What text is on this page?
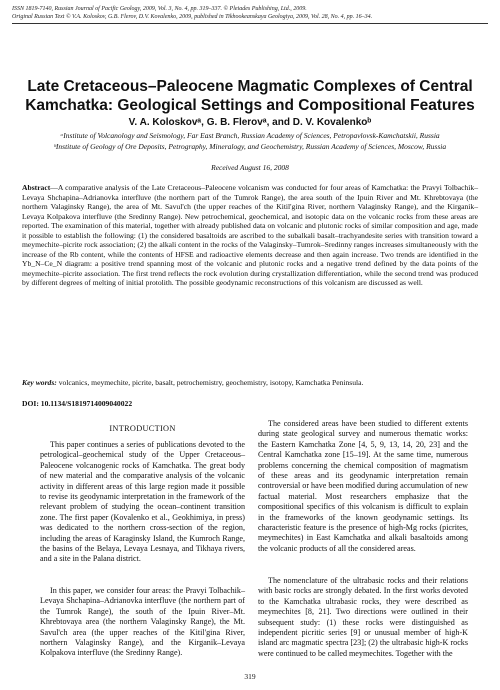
ISSN 1819-7140, Russian Journal of Pacific Geology, 2009, Vol. 3, No. 4, pp. 319–337. © Pleiades Publishing, Ltd., 2009.
Original Russian Text © V.A. Koloskov, G.B. Flerov, D.V. Kovalenko, 2009, published in Tikhookeanskaya Geologiya, 2009, Vol. 28, No. 4, pp. 16–34.
Late Cretaceous–Paleocene Magmatic Complexes of Central Kamchatka: Geological Settings and Compositional Features
V. A. Koloskovᵃ, G. B. Flerovᵃ, and D. V. Kovalenkoᵇ
ᵃInstitute of Volcanology and Seismology, Far East Branch, Russian Academy of Sciences, Petropavlovsk-Kamchatskii, Russia
ᵇInstitute of Geology of Ore Deposits, Petrography, Mineralogy, and Geochemistry, Russian Academy of Sciences, Moscow, Russia
Received August 16, 2008
Abstract—A comparative analysis of the Late Cretaceous–Paleocene volcanism was conducted for four areas of Kamchatka: the Pravyi Tolbachik–Levaya Shchapina–Adrianovka interfluve (the northern part of the Tumrok Range), the area south of the Ipuin River and Mt. Khrebtovaya (the northern Valaginsky Range), the area of Mt. Savul'ch (the upper reaches of the Kitil'gina River, northern Valaginsky Range), and the Kirganik–Levaya Kolpakova interfluve (the Sredinny Range). New petrochemical, geochemical, and isotopic data on the volcanic rocks from these areas are reported. The examination of this material, together with already published data on volcanic and plutonic rocks of similar composition and age, made it possible to establish the following: (1) the considered basaltoids are ascribed to the subalkali basalt–trachyandesite series with transition toward a meymechite–picrite rock association; (2) the alkali content in the rocks of the Valaginsky–Tumrok–Sredinny ranges increases simultaneously with the increase of the Rb content, while the contents of HFSE and radioactive elements decrease and then again increase. Two trends are identified in the Yb_N–Ce_N diagram: a positive trend spanning most of the volcanic and plutonic rocks and a negative trend defined by the data points of the meymechite–picrite association. The first trend reflects the rock evolution during crystallization differentiation, while the second trend was produced by different degrees of melting of initial protolith. The possible geodynamic reconstructions of this volcanism are discussed as well.
Key words: volcanics, meymechite, picrite, basalt, petrochemistry, geochemistry, isotopy, Kamchatka Peninsula.
DOI: 10.1134/S1819714009040022
INTRODUCTION
This paper continues a series of publications devoted to the petrological–geochemical study of the Upper Cretaceous–Paleocene volcanogenic rocks of Kamchatka. The great body of new material and the comparative analysis of the volcanic activity in different areas of this large region made it possible to revise its geodynamic interpretation in the framework of the relevant problem of studying the ocean–continent transition zone. The first paper (Kovalenko et al., Geokhimiya, in press) was dedicated to the northern cross-section of the region, including the areas of Karaginsky Island, the Kumroch Range, the basins of the Belaya, Levaya Lesnaya, and Tikhaya rivers, and a site in the Palana district.
In this paper, we consider four areas: the Pravyi Tolbachik–Levaya Shchapina–Adrianovka interfluve (the northern part of the Tumrok Range), the south of the Ipuin River–Mt. Khrebtovaya area (the northern Valaginsky Range), the Mt. Savul'ch area (the upper reaches of the Kitil'gina River, northern Valaginsky Range), and the Kirganik–Levaya Kolpakova interfluve (the Sredinny Range).
The considered areas have been studied to different extents during state geological survey and numerous thematic works: the Eastern Kamchatka Zone [4, 5, 9, 13, 14, 20, 23] and the Central Kamchatka zone [15–19]. At the same time, numerous problems concerning the chemical composition of magmatism of these areas and its geodynamic interpretation remain controversial or have been modified during accumulation of new factual material. Most researchers emphasize that the compositional specifics of this volcanism is difficult to explain in the frameworks of the known geodynamic settings. Its characteristic feature is the presence of high-Mg rocks (picrites, meymechites) in East Kamchatka and alkali basaltoids among the volcanic products of all the considered areas.
The nomenclature of the ultrabasic rocks and their relations with basic rocks are strongly debated. In the first works devoted to the Kamchatka ultrabasic rocks, they were described as meymechites [8, 21]. Two directions were outlined in their subsequent study: (1) these rocks were distinguished as independent picritic series [9] or unusual member of high-K island arc magmatic spectra [23]; (2) the ultrabasic high-K rocks were continued to be called meymechites. Together with the
319
